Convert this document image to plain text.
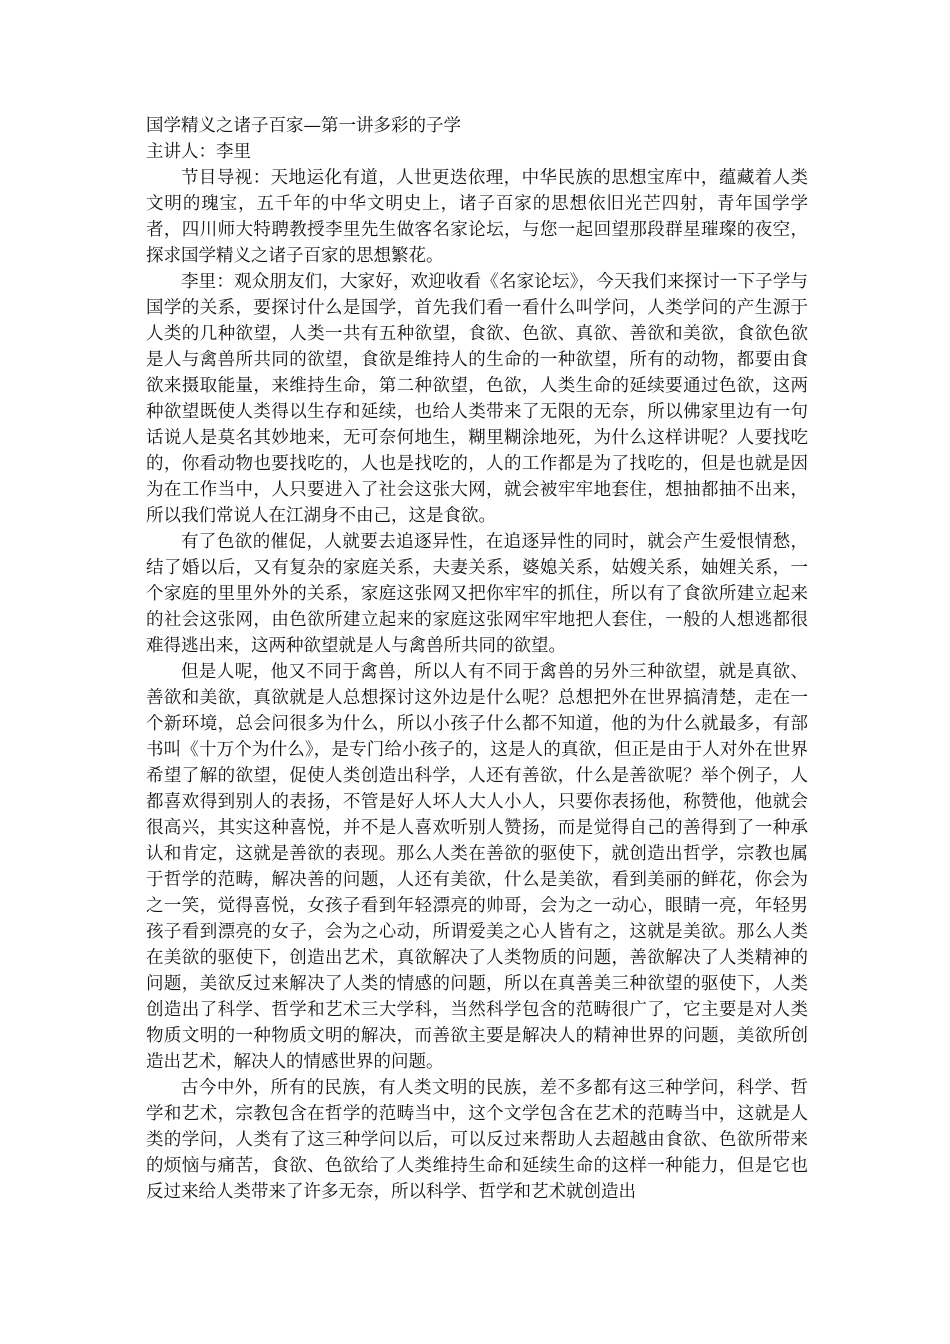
国学精义之诸子百家—第一讲多彩的子学

主讲人：李里

节目导视：天地运化有道，人世更迭依理，中华民族的思想宝库中，蕴藏着人类文明的瑰宝，五千年的中华文明史上，诸子百家的思想依旧光芒四射，青年国学学者，四川师大特聘教授李里先生做客名家论坛，与您一起回望那段群星璀璨的夜空，探求国学精义之诸子百家的思想繁花。

李里：观众朋友们，大家好，欢迎收看《名家论坛》，今天我们来探讨一下子学与国学的关系，要探讨什么是国学，首先我们看一看什么叫学问，人类学问的产生源于人类的几种欲望，人类一共有五种欲望，食欲、色欲、真欲、善欲和美欲，食欲色欲是人与禽兽所共同的欲望，食欲是维持人的生命的一种欲望，所有的动物，都要由食欲来摄取能量，来维持生命，第二种欲望，色欲，人类生命的延续要通过色欲，这两种欲望既使人类得以生存和延续，也给人类带来了无限的无奈，所以佛家里边有一句话说人是莫名其妙地来，无可奈何地生，糊里糊涂地死，为什么这样讲呢？人要找吃的，你看动物也要找吃的，人也是找吃的，人的工作都是为了找吃的，但是也就是因为在工作当中，人只要进入了社会这张大网，就会被牢牢地套住，想抽都抽不出来，所以我们常说人在江湖身不由己，这是食欲。

有了色欲的催促，人就要去追逐异性，在追逐异性的同时，就会产生爱恨情愁，结了婚以后，又有复杂的家庭关系，夫妻关系，婆媳关系，姑嫂关系，妯娌关系，一个家庭的里里外外的关系，家庭这张网又把你牢牢的抓住，所以有了食欲所建立起来的社会这张网，由色欲所建立起来的家庭这张网牢牢地把人套住，一般的人想逃都很难得逃出来，这两种欲望就是人与禽兽所共同的欲望。

但是人呢，他又不同于禽兽，所以人有不同于禽兽的另外三种欲望，就是真欲、善欲和美欲，真欲就是人总想探讨这外边是什么呢？总想把外在世界搞清楚，走在一个新环境，总会问很多为什么，所以小孩子什么都不知道，他的为什么就最多，有部书叫《十万个为什么》，是专门给小孩子的，这是人的真欲，但正是由于人对外在世界希望了解的欲望，促使人类创造出科学，人还有善欲，什么是善欲呢？举个例子，人都喜欢得到别人的表扬，不管是好人坏人大人小人，只要你表扬他，称赞他，他就会很高兴，其实这种喜悦，并不是人喜欢听别人赞扬，而是觉得自己的善得到了一种承认和肯定，这就是善欲的表现。那么人类在善欲的驱使下，就创造出哲学，宗教也属于哲学的范畴，解决善的问题，人还有美欲，什么是美欲，看到美丽的鲜花，你会为之一笑，觉得喜悦，女孩子看到年轻漂亮的帅哥，会为之一动心，眼睛一亮，年轻男孩子看到漂亮的女子，会为之心动，所谓爱美之心人皆有之，这就是美欲。那么人类在美欲的驱使下，创造出艺术，真欲解决了人类物质的问题，善欲解决了人类精神的问题，美欲反过来解决了人类的情感的问题，所以在真善美三种欲望的驱使下，人类创造出了科学、哲学和艺术三大学科，当然科学包含的范畴很广了，它主要是对人类物质文明的一种物质文明的解决，而善欲主要是解决人的精神世界的问题，美欲所创造出艺术，解决人的情感世界的问题。

古今中外，所有的民族，有人类文明的民族，差不多都有这三种学问，科学、哲学和艺术，宗教包含在哲学的范畴当中，这个文学包含在艺术的范畴当中，这就是人类的学问，人类有了这三种学问以后，可以反过来帮助人去超越由食欲、色欲所带来的烦恼与痛苦，食欲、色欲给了人类维持生命和延续生命的这样一种能力，但是它也反过来给人类带来了许多无奈，所以科学、哲学和艺术就创造出
